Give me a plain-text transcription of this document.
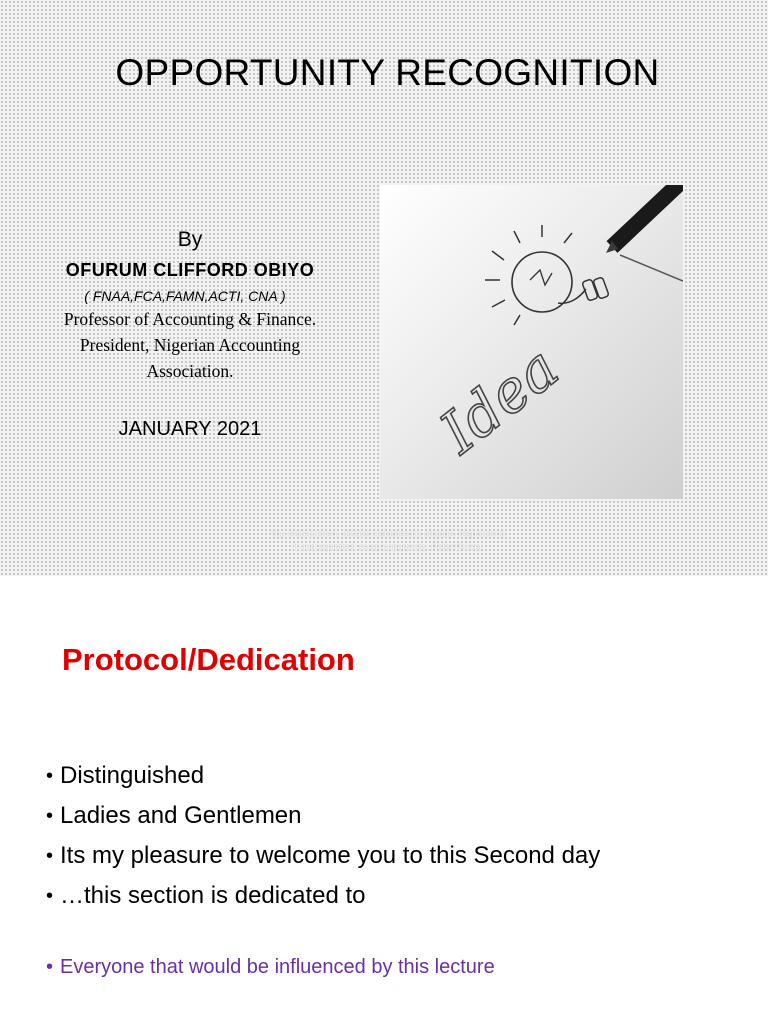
OPPORTUNITY RECOGNITION
By
OFURUM CLIFFORD OBIYO
( FNAA,FCA,FAMN,ACTI, CNA )
Professor of Accounting & Finance.
President, Nigerian Accounting
Association.
JANUARY 2021	Idea
The entrepreneur always searches for change, responds to it and exploits it as an opportunity. Peter Druker
Protocol/Dedication
• Distinguished
• Ladies and Gentlemen
• Its my pleasure to welcome you to this Second day
• …this section is dedicated to
• Everyone that would be influenced by this lecture
